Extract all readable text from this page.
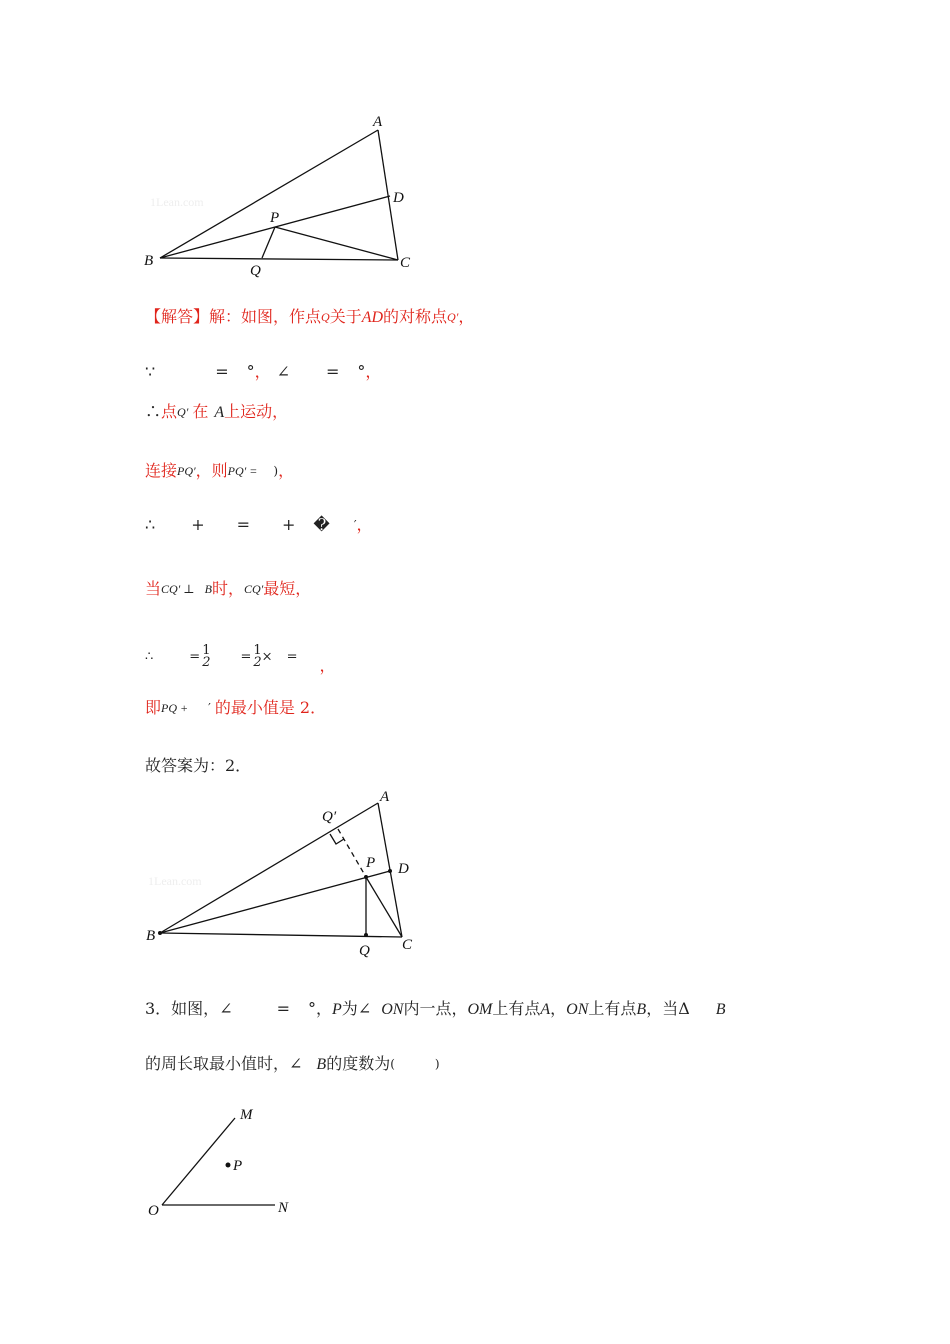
1Lean.com
A
B	C
D
P
Q
【解答】解：如图，作点$^Q$关于AD的对称点$^{Q'}$，
∵	= °， ∠ = °，
∴点$^{Q'}$ 在 A上运动，
连接$^{PQ'}$，则$^{PQ' =}$ )，
∴ + = + � ′，
当$^{CQ' \perp}$ $^B$时，$^{CQ'}$最短，
∴	= 1
2 = 1
2 × = ，
即$^{PQ +}$ ′ 的最小值是 2．
故答案为：2．
1Lean.com
A
B
C
D
P
Q
Q′
3．如图，∠	= °，P为∠ ON内一点，OM上有点A，ON上有点B，当Δ B
的周长取最小值时，∠ B的度数为(	)
M
N
O
P
